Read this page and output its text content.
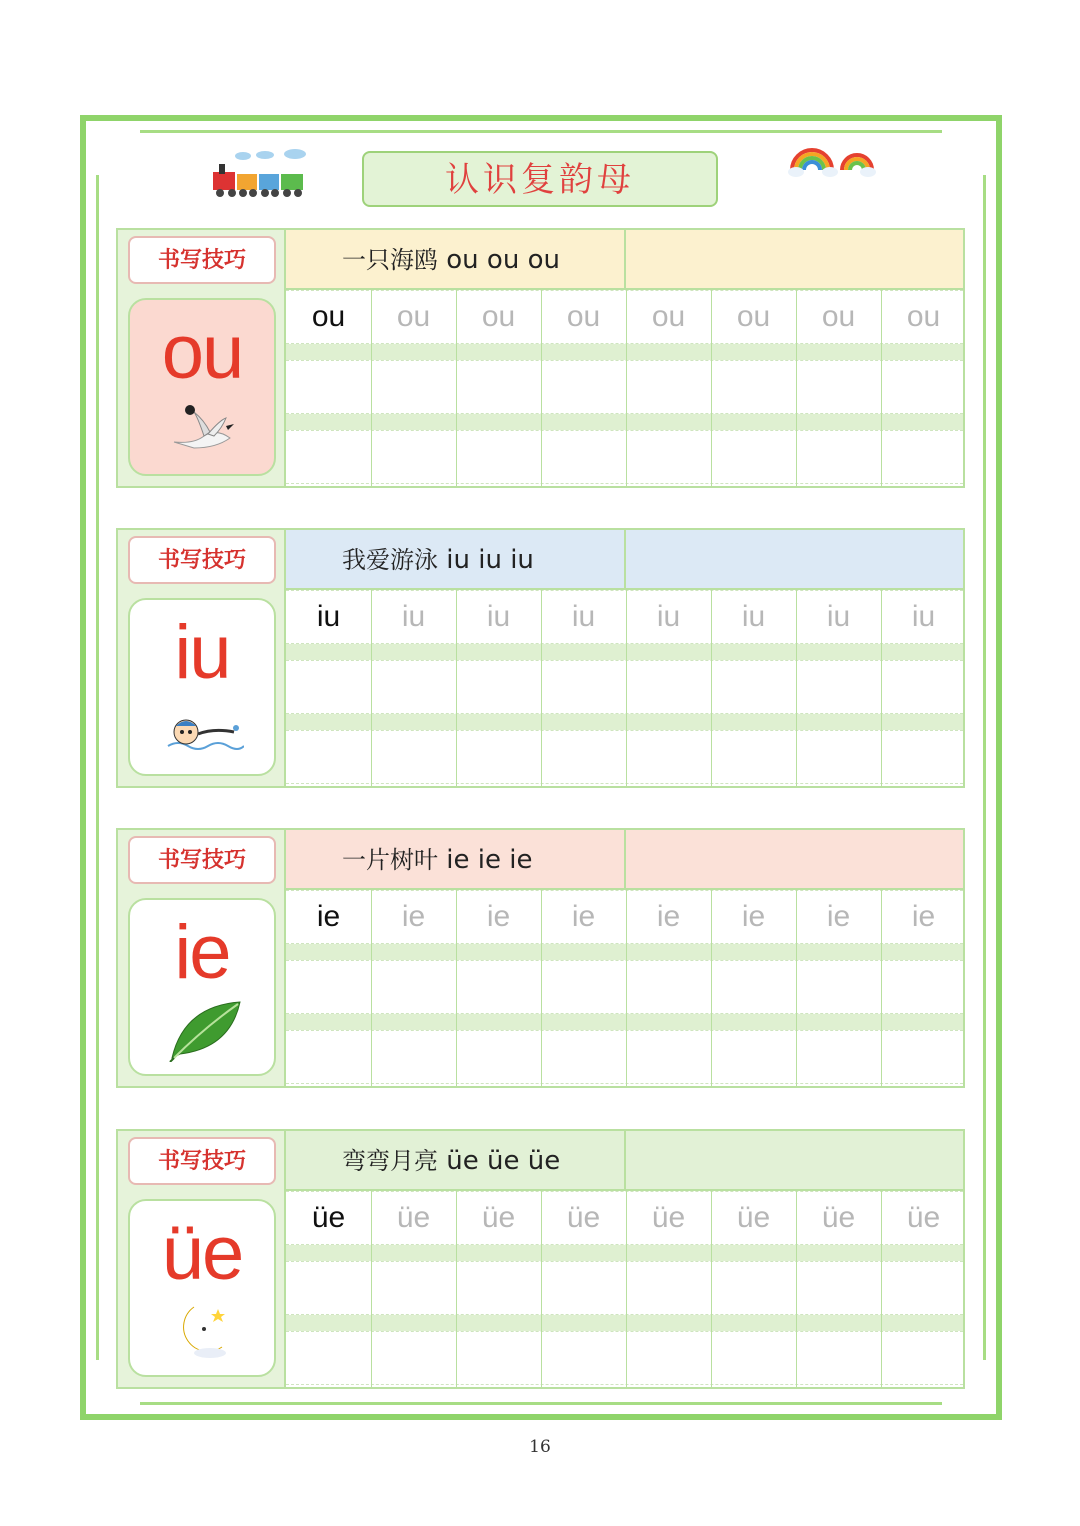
认识复韵母
书写技巧
ou
一只海鸥 ou ou ou
ou	ou	ou	ou	ou	ou	ou	ou
书写技巧
iu
我爱游泳 iu iu iu
iu	iu	iu	iu	iu	iu	iu	iu
书写技巧
ie
一片树叶 ie ie ie
ie	ie	ie	ie	ie	ie	ie	ie
书写技巧
üe
弯弯月亮 üe üe üe
üe	üe	üe	üe	üe	üe	üe	üe
16
